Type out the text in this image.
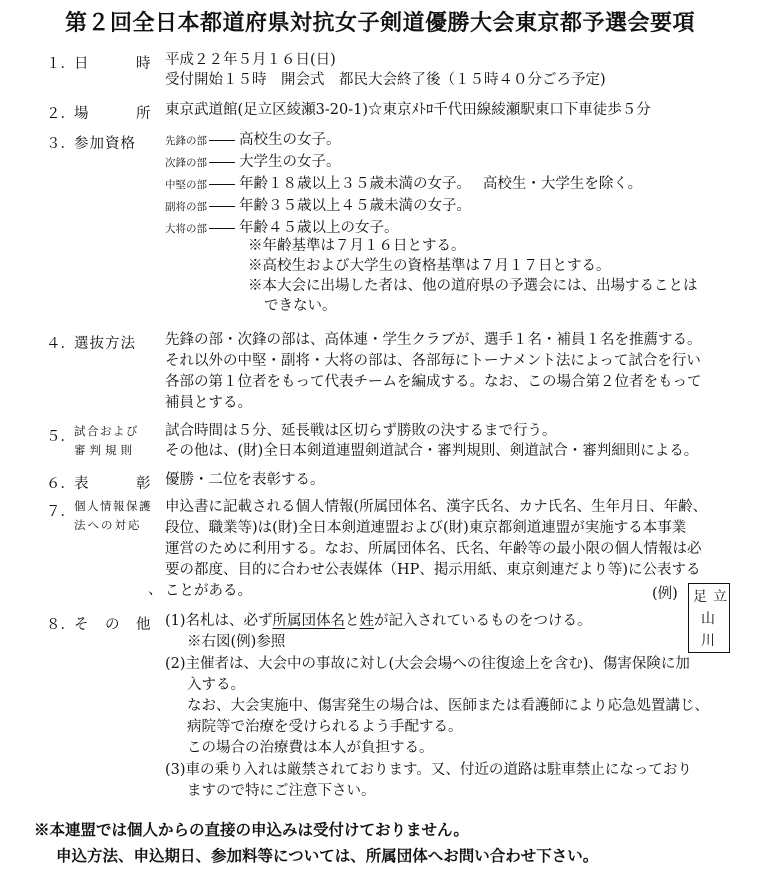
第２回全日本都道府県対抗女子剣道優勝大会東京都予選会要項
１． 日　　　時 平成２２年５月１６日(日)
受付開始１５時　開会式　都民大会終了後（１５時４０分ごろ予定)
２． 場　　　所 東京武道館(足立区綾瀬3-20-1)☆東京ﾒﾄﾛ千代田線綾瀬駅東口下車徒歩５分
３． 参加資格	先鋒の部 高校生の女子。
次鋒の部 大学生の女子。
中堅の部 年齢１８歳以上３５歳未満の女子。　 高校生・大学生を除く。
副将の部 年齢３５歳以上４５歳未満の女子。
大将の部 年齢４５歳以上の女子。
※年齢基準は７月１６日とする。
※高校生および大学生の資格基準は７月１７日とする。
※本大会に出場した者は、他の道府県の予選会には、出場することは
できない。
４． 選抜方法 先鋒の部・次鋒の部は、高体連・学生クラブが、選手１名・補員１名を推薦する。
それ以外の中堅・副将・大将の部は、各部毎にトーナメント法によって試合を行い
各部の第１位者をもって代表チームを編成する。なお、この場合第２位者をもって
補員とする。
５． 試合および
審判規則
試合時間は５分、延長戦は区切らず勝敗の決するまで行う。
その他は、(財)全日本剣道連盟剣道試合・審判規則、剣道試合・審判細則による。
６． 表　　　彰 優勝・二位を表彰する。
７． 個人情報保護
法への対応
申込書に記載される個人情報(所属団体名、漢字氏名、カナ氏名、生年月日、年齢、
段位、職業等)は(財)全日本剣道連盟および(財)東京都剣道連盟が実施する本事業
運営のために利用する。なお、所属団体名、氏名、年齢等の最小限の個人情報は必
要の都度、目的に合わせ公表媒体（HP、掲示用紙、東京剣連だより等)に公表する
ことがある。
、	(例) 足 立
山
川
８． そ　の　他 (1)名札は、必ず所属団体名と姓が記入されているものをつける。
※右図(例)参照
(2)主催者は、大会中の事故に対し(大会会場への往復途上を含む)、傷害保険に加
入する。
なお、大会実施中、傷害発生の場合は、医師または看護師により応急処置講じ、
病院等で治療を受けられるよう手配する。
この場合の治療費は本人が負担する。
(3)車の乗り入れは厳禁されております。又、付近の道路は駐車禁止になっており
ますので特にご注意下さい。
※本連盟では個人からの直接の申込みは受付けておりません。
申込方法、申込期日、参加料等については、所属団体へお問い合わせ下さい。
